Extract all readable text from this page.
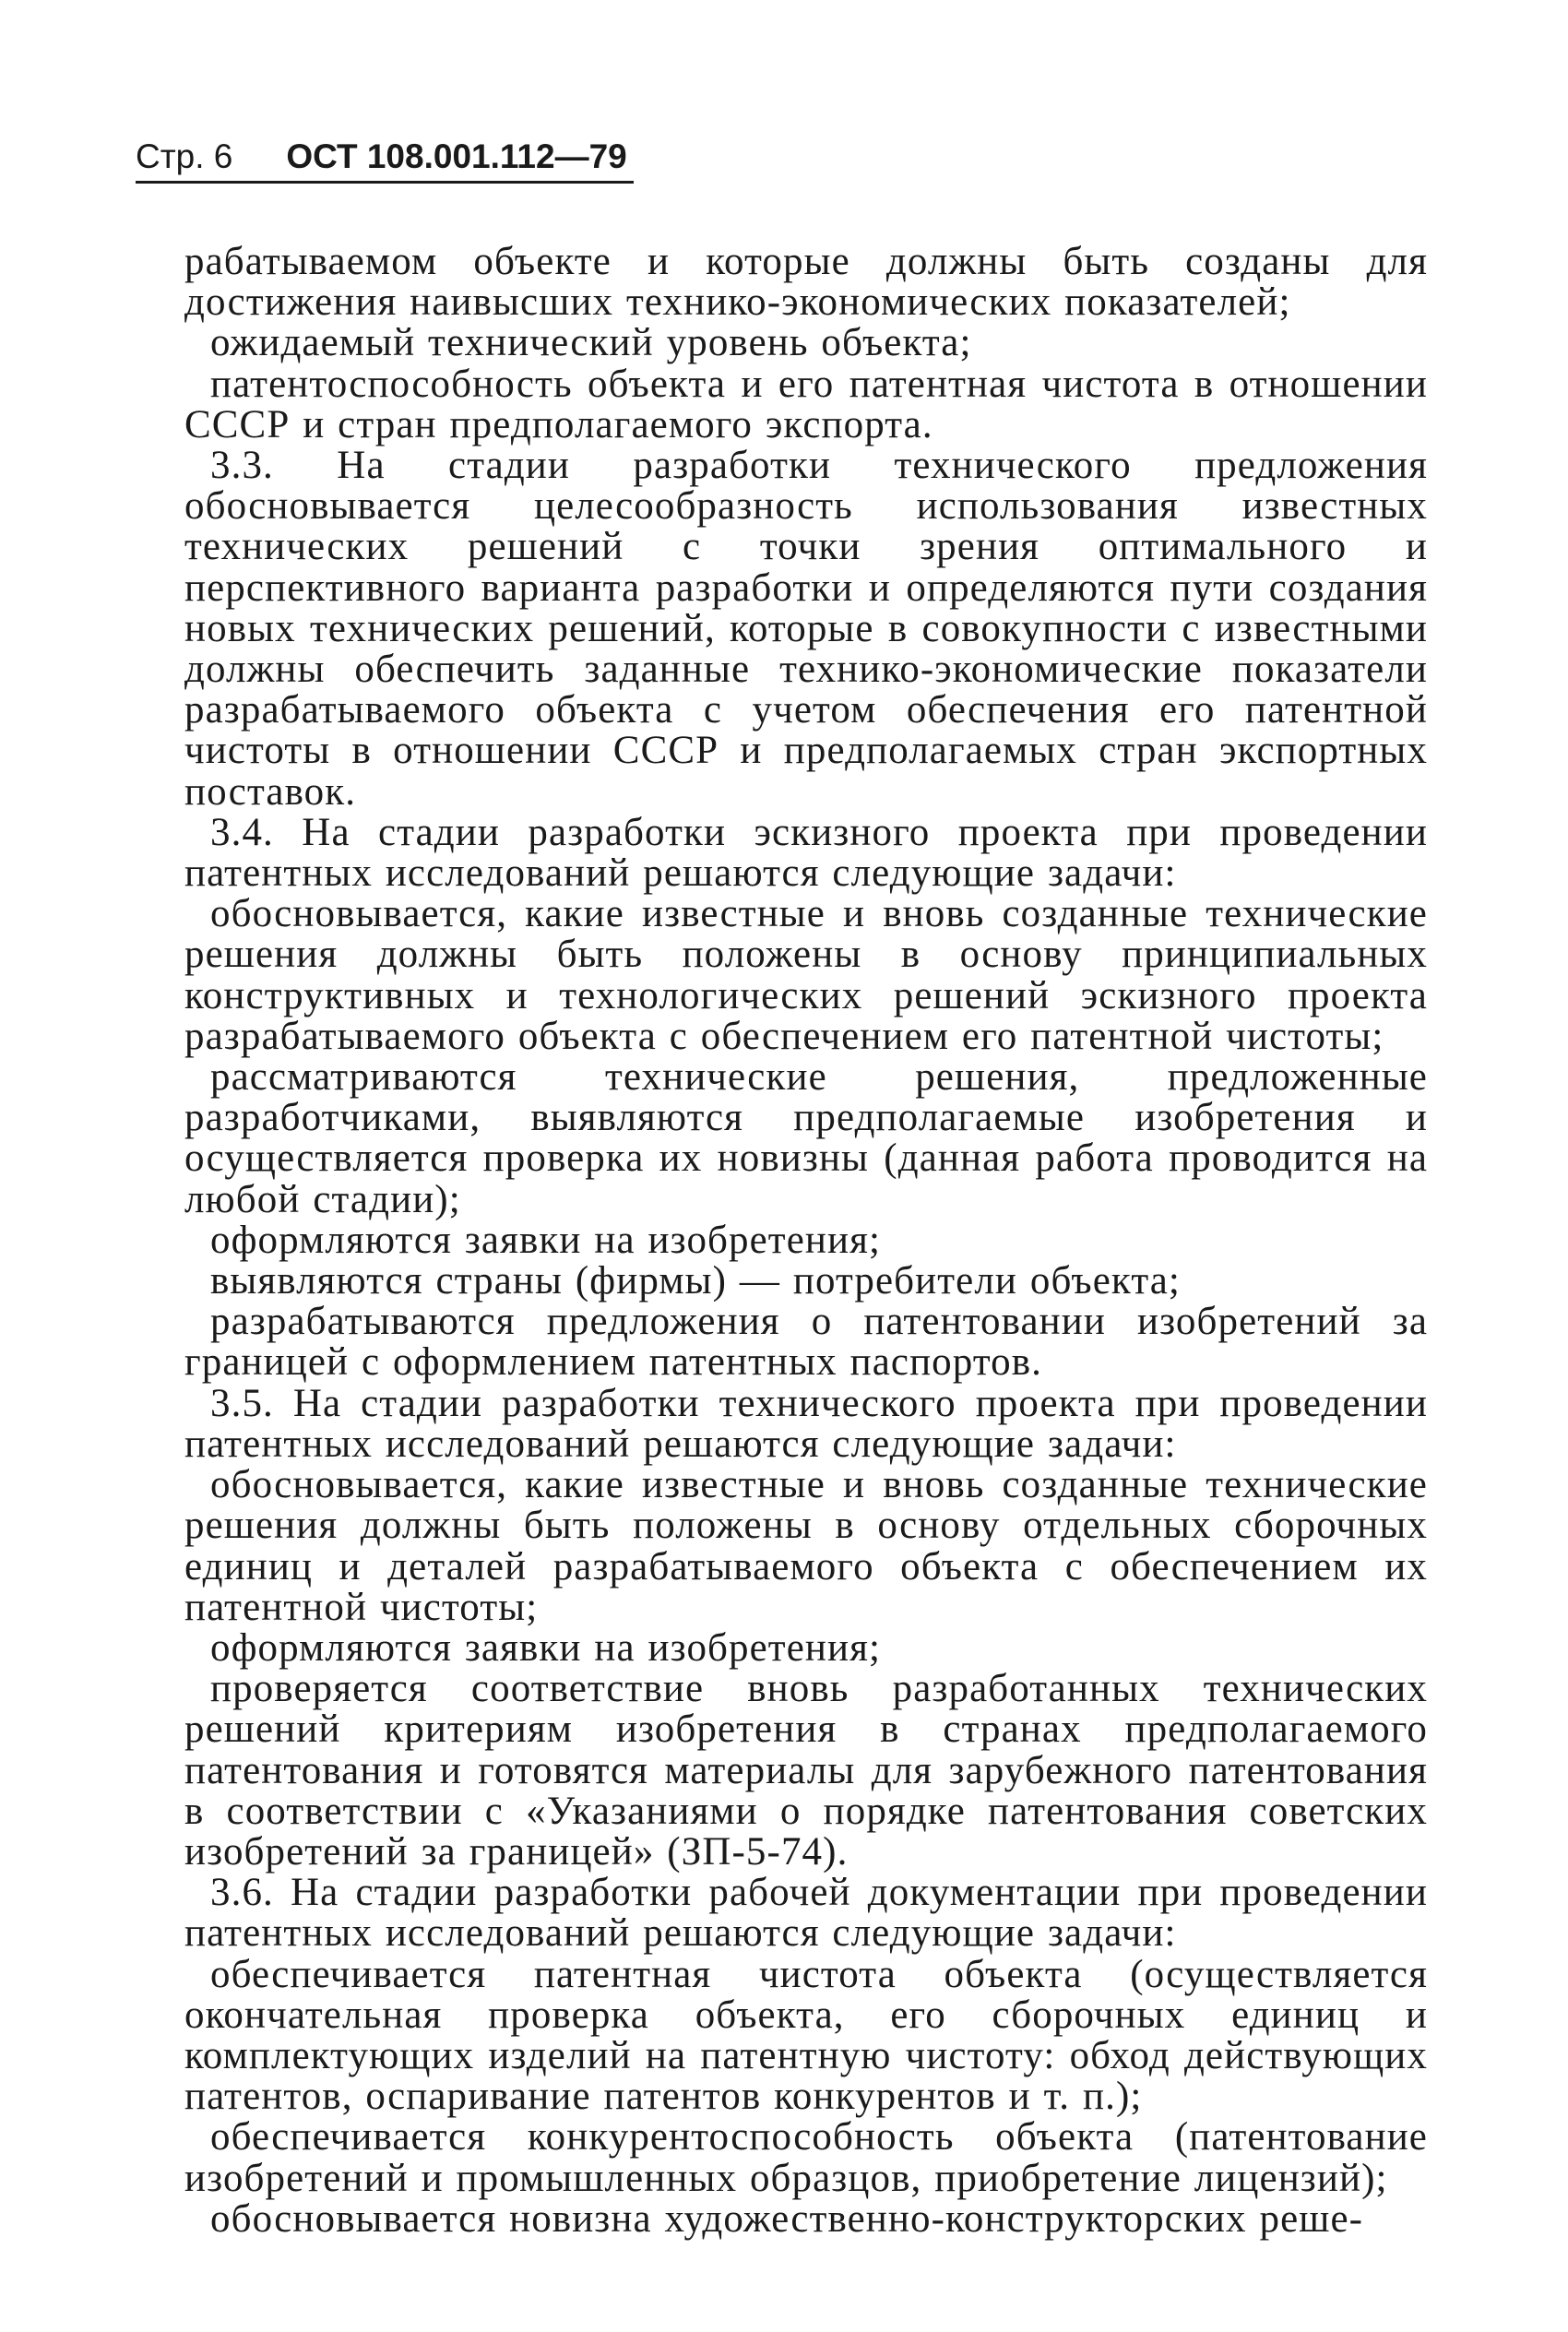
Стр. 6 ОСТ 108.001.112—79

рабатываемом объекте и которые должны быть созданы для достижения наивысших технико-экономических показателей;

ожидаемый технический уровень объекта;

патентоспособность объекта и его патентная чистота в отношении СССР и стран предполагаемого экспорта.

3.3. На стадии разработки технического предложения обосновывается целесообразность использования известных технических решений с точки зрения оптимального и перспективного варианта разработки и определяются пути создания новых технических решений, которые в совокупности с известными должны обеспечить заданные технико-экономические показатели разрабатываемого объекта с учетом обеспечения его патентной чистоты в отношении СССР и предполагаемых стран экспортных поставок.

3.4. На стадии разработки эскизного проекта при проведении патентных исследований решаются следующие задачи:

обосновывается, какие известные и вновь созданные технические решения должны быть положены в основу принципиальных конструктивных и технологических решений эскизного проекта разрабатываемого объекта с обеспечением его патентной чистоты;

рассматриваются технические решения, предложенные разработчиками, выявляются предполагаемые изобретения и осуществляется проверка их новизны (данная работа проводится на любой стадии);

оформляются заявки на изобретения;

выявляются страны (фирмы) — потребители объекта;

разрабатываются предложения о патентовании изобретений за границей с оформлением патентных паспортов.

3.5. На стадии разработки технического проекта при проведении патентных исследований решаются следующие задачи:

обосновывается, какие известные и вновь созданные технические решения должны быть положены в основу отдельных сборочных единиц и деталей разрабатываемого объекта с обеспечением их патентной чистоты;

оформляются заявки на изобретения;

проверяется соответствие вновь разработанных технических решений критериям изобретения в странах предполагаемого патентования и готовятся материалы для зарубежного патентования в соответствии с «Указаниями о порядке патентования советских изобретений за границей» (ЗП-5-74).

3.6. На стадии разработки рабочей документации при проведении патентных исследований решаются следующие задачи:

обеспечивается патентная чистота объекта (осуществляется окончательная проверка объекта, его сборочных единиц и комплектующих изделий на патентную чистоту: обход действующих патентов, оспаривание патентов конкурентов и т. п.);

обеспечивается конкурентоспособность объекта (патентование изобретений и промышленных образцов, приобретение лицензий);

обосновывается новизна художественно-конструкторских реше-
